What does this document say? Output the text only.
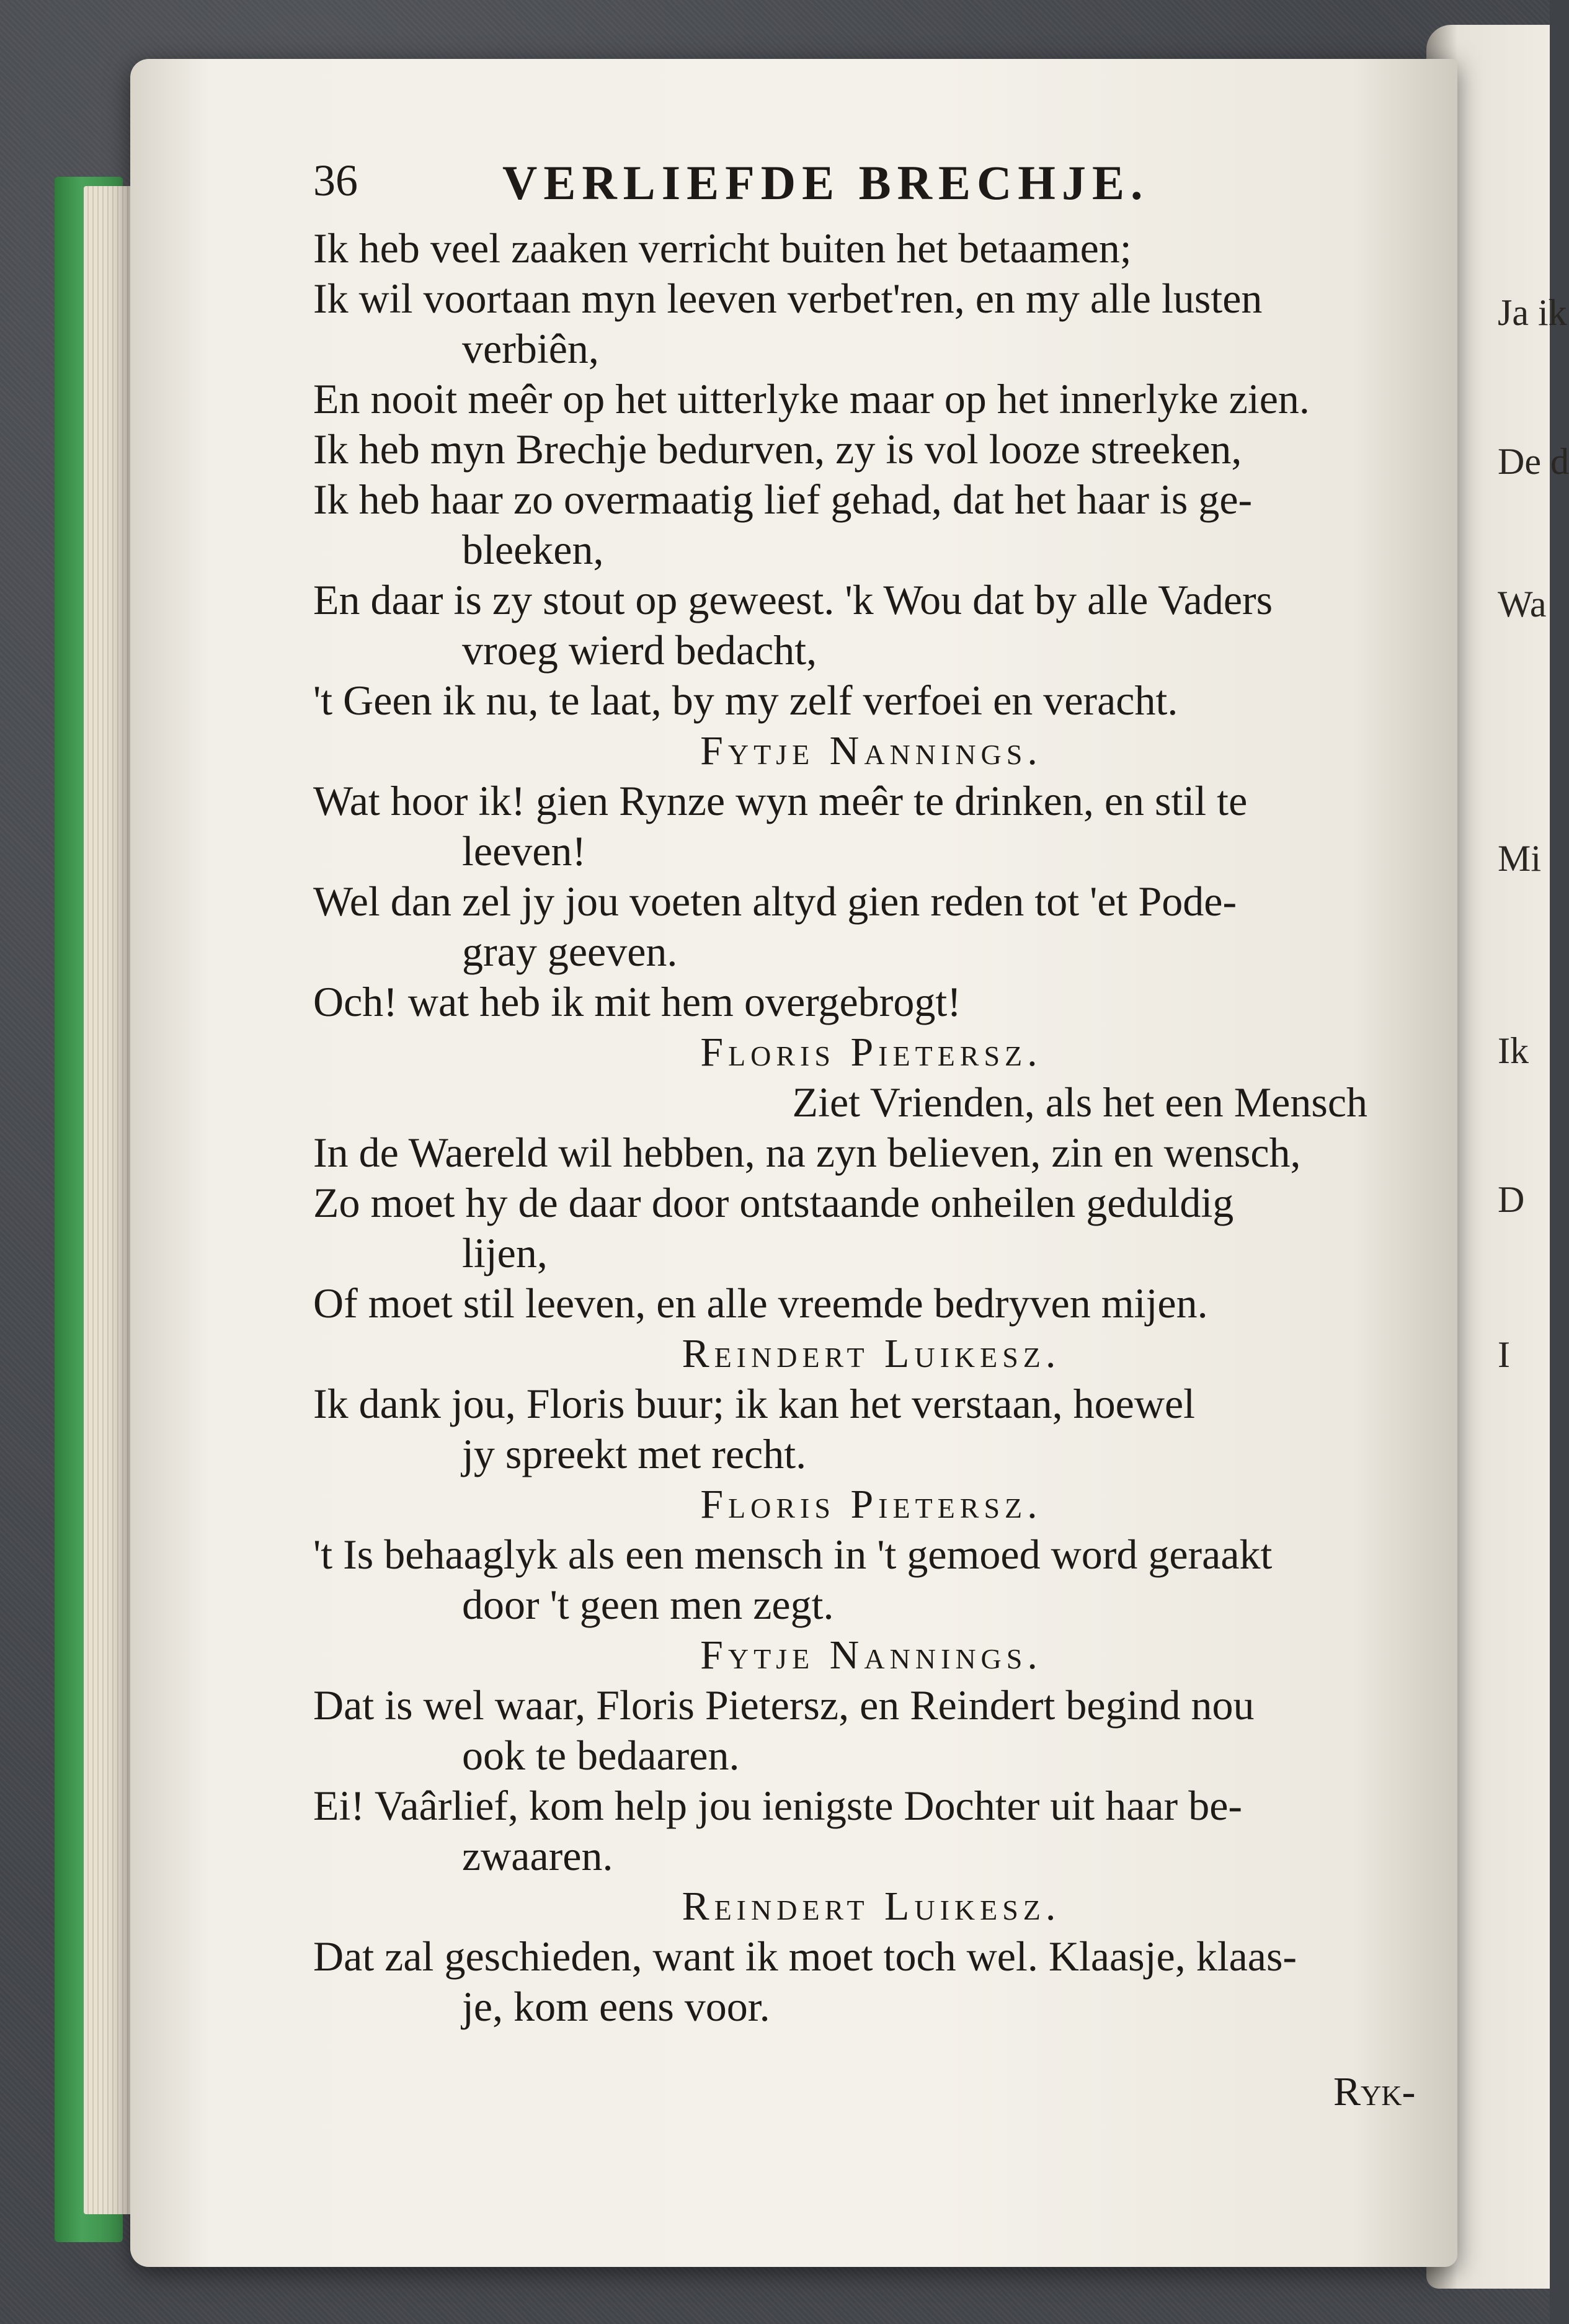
36	VERLIEFDE BRECHJE.
Ik heb veel zaaken verricht buiten het betaamen;
Ik wil voortaan myn leeven verbet'ren, en my alle lusten
verbiên,
En nooit meêr op het uitterlyke maar op het innerlyke zien.
Ik heb myn Brechje bedurven, zy is vol looze streeken,
Ik heb haar zo overmaatig lief gehad, dat het haar is ge-
bleeken,
En daar is zy stout op geweest. 'k Wou dat by alle Vaders
vroeg wierd bedacht,
't Geen ik nu, te laat, by my zelf verfoei en veracht.
Fytje Nannings.
Wat hoor ik! gien Rynze wyn meêr te drinken, en stil te
leeven!
Wel dan zel jy jou voeten altyd gien reden tot 'et Pode-
gray geeven.
Och! wat heb ik mit hem overgebrogt!
Floris Pietersz.
Ziet Vrienden, als het een Mensch
In de Waereld wil hebben, na zyn believen, zin en wensch,
Zo moet hy de daar door ontstaande onheilen geduldig
lijen,
Of moet stil leeven, en alle vreemde bedryven mijen.
Reindert Luikesz.
Ik dank jou, Floris buur; ik kan het verstaan, hoewel
jy spreekt met recht.
Floris Pietersz.
't Is behaaglyk als een mensch in 't gemoed word geraakt
door 't geen men zegt.
Fytje Nannings.
Dat is wel waar, Floris Pietersz, en Reindert begind nou
ook te bedaaren.
Ei! Vaârlief, kom help jou ienigste Dochter uit haar be-
zwaaren.
Reindert Luikesz.
Dat zal geschieden, want ik moet toch wel. Klaasje, klaas-
je, kom eens voor.
Ryk-
Ja ik
De d
Wa
Mi
Ik
D
I
